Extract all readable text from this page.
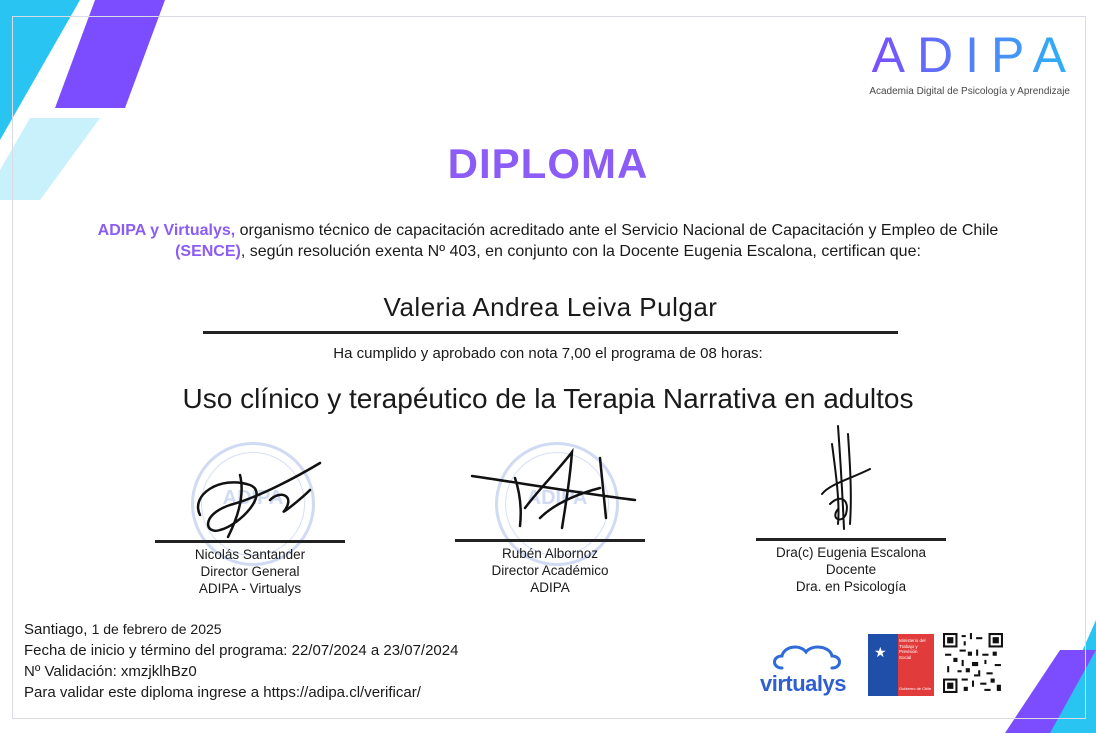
ADIPA
Academia Digital de Psicología y Aprendizaje
DIPLOMA
ADIPA y Virtualys, organismo técnico de capacitación acreditado ante el Servicio Nacional de Capacitación y Empleo de Chile (SENCE), según resolución exenta Nº 403, en conjunto con la Docente Eugenia Escalona, certifican que:
Valeria Andrea Leiva Pulgar
Ha cumplido y aprobado con nota 7,00 el programa de 08 horas:
Uso clínico y terapéutico de la Terapia Narrativa en adultos
ADIPA	ADIPA
Nicolás Santander
Director General
ADIPA - Virtualys
Rubén Albornoz
Director Académico
ADIPA
Dra(c) Eugenia Escalona
Docente
Dra. en Psicología
Santiago, 1 de febrero de 2025
Fecha de inicio y término del programa: 22/07/2024 a 23/07/2024
Nº Validación: xmzjklhBz0
Para validar este diploma ingrese a https://adipa.cl/verificar/	virtualys
★
Ministerio del
Trabajo y
Previsión
Social
Gobierno de Chile
